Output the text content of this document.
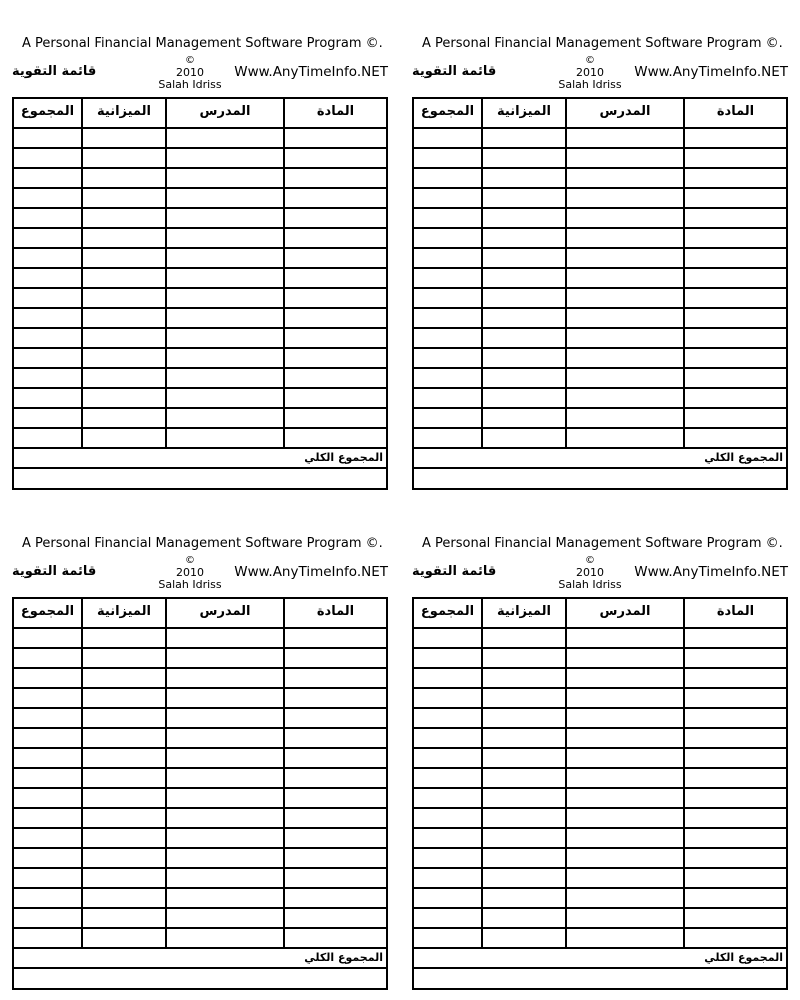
A Personal Financial Management Software Program ©.
قائمة التقوية
©
2010
Salah Idriss
Www.AnyTimeInfo.NET
المادة
المدرس
الميزانية
المجموع
المجموع الكلي
A Personal Financial Management Software Program ©.
قائمة التقوية
©
2010
Salah Idriss
Www.AnyTimeInfo.NET
المادة
المدرس
الميزانية
المجموع
المجموع الكلي
A Personal Financial Management Software Program ©.
قائمة التقوية
©
2010
Salah Idriss
Www.AnyTimeInfo.NET
المادة
المدرس
الميزانية
المجموع
المجموع الكلي
A Personal Financial Management Software Program ©.
قائمة التقوية
©
2010
Salah Idriss
Www.AnyTimeInfo.NET
المادة
المدرس
الميزانية
المجموع
المجموع الكلي
